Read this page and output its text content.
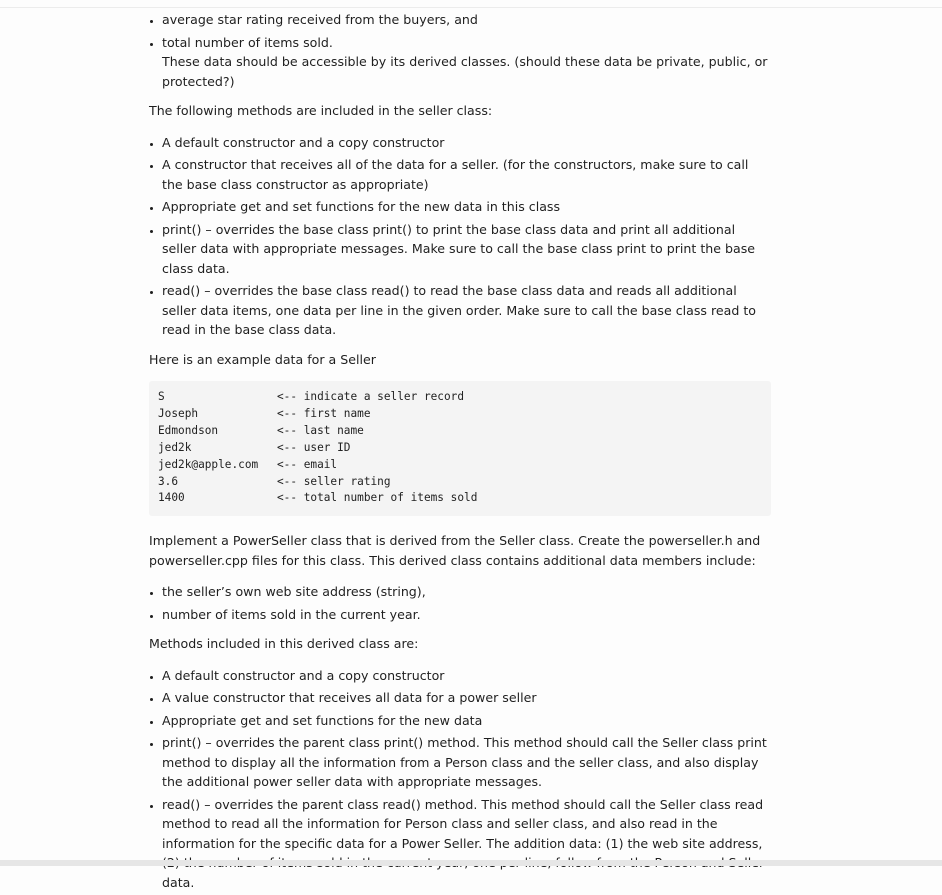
• average star rating received from the buyers, and
• total number of items sold.
These data should be accessible by its derived classes. (should these data be private, public, or protected?)

The following methods are included in the seller class:

• A default constructor and a copy constructor
• A constructor that receives all of the data for a seller. (for the constructors, make sure to call the base class constructor as appropriate)
• Appropriate get and set functions for the new data in this class
• print() – overrides the base class print() to print the base class data and print all additional seller data with appropriate messages. Make sure to call the base class print to print the base class data.
• read() – overrides the base class read() to read the base class data and reads all additional seller data items, one data per line in the given order. Make sure to call the base class read to read in the base class data.

Here is an example data for a Seller

S	<-- indicate a seller record
Joseph	<-- first name
Edmondson	<-- last name
jed2k	<-- user ID
jed2k@apple.com <-- email
3.6	<-- seller rating
1400	<-- total number of items sold

Implement a PowerSeller class that is derived from the Seller class. Create the powerseller.h and powerseller.cpp files for this class. This derived class contains additional data members include:

• the seller’s own web site address (string),
• number of items sold in the current year.

Methods included in this derived class are:

• A default constructor and a copy constructor
• A value constructor that receives all data for a power seller
• Appropriate get and set functions for the new data
• print() – overrides the parent class print() method. This method should call the Seller class print method to display all the information from a Person class and the seller class, and also display the additional power seller data with appropriate messages.
• read() – overrides the parent class read() method. This method should call the Seller class read method to read all the information for Person class and seller class, and also read in the information for the specific data for a Power Seller. The addition data: (1) the web site address, data.
